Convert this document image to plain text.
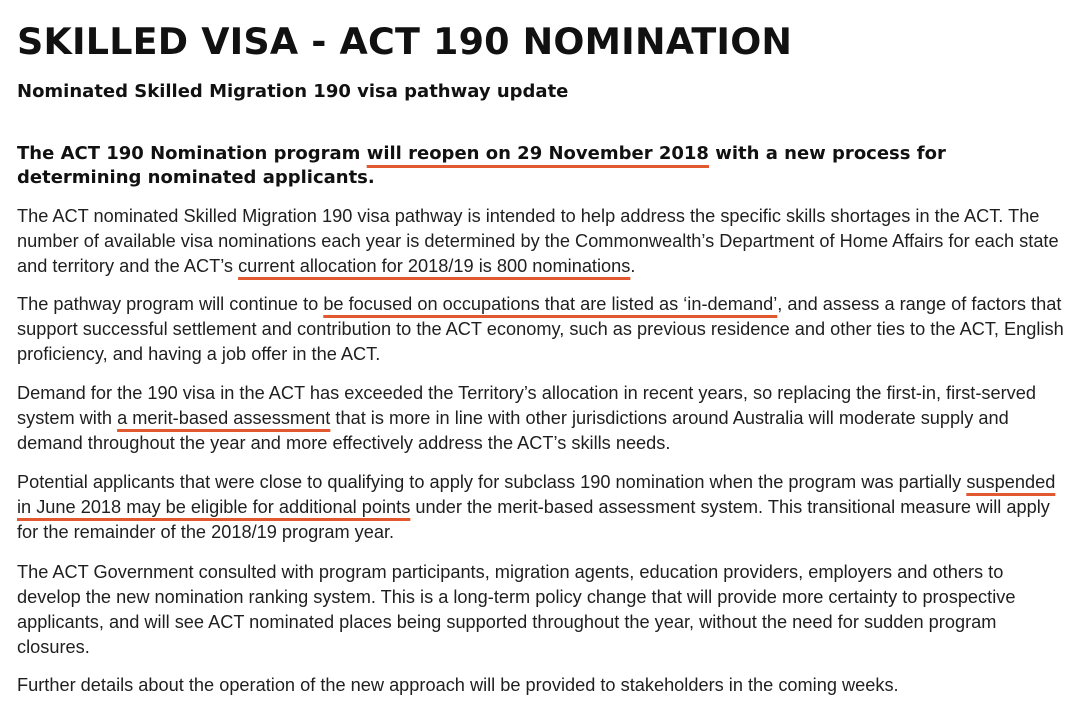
SKILLED VISA - ACT 190 NOMINATION
Nominated Skilled Migration 190 visa pathway update

The ACT 190 Nomination program will reopen on 29 November 2018 with a new process for determining nominated applicants.

The ACT nominated Skilled Migration 190 visa pathway is intended to help address the specific skills shortages in the ACT. The number of available visa nominations each year is determined by the Commonwealth’s Department of Home Affairs for each state and territory and the ACT’s current allocation for 2018/19 is 800 nominations.

The pathway program will continue to be focused on occupations that are listed as ‘in-demand’, and assess a range of factors that support successful settlement and contribution to the ACT economy, such as previous residence and other ties to the ACT, English proficiency, and having a job offer in the ACT.

Demand for the 190 visa in the ACT has exceeded the Territory’s allocation in recent years, so replacing the first-in, first-served system with a merit-based assessment that is more in line with other jurisdictions around Australia will moderate supply and demand throughout the year and more effectively address the ACT’s skills needs.

Potential applicants that were close to qualifying to apply for subclass 190 nomination when the program was partially suspended in June 2018 may be eligible for additional points under the merit-based assessment system. This transitional measure will apply for the remainder of the 2018/19 program year.

The ACT Government consulted with program participants, migration agents, education providers, employers and others to develop the new nomination ranking system. This is a long-term policy change that will provide more certainty to prospective applicants, and will see ACT nominated places being supported throughout the year, without the need for sudden program closures.

Further details about the operation of the new approach will be provided to stakeholders in the coming weeks.
